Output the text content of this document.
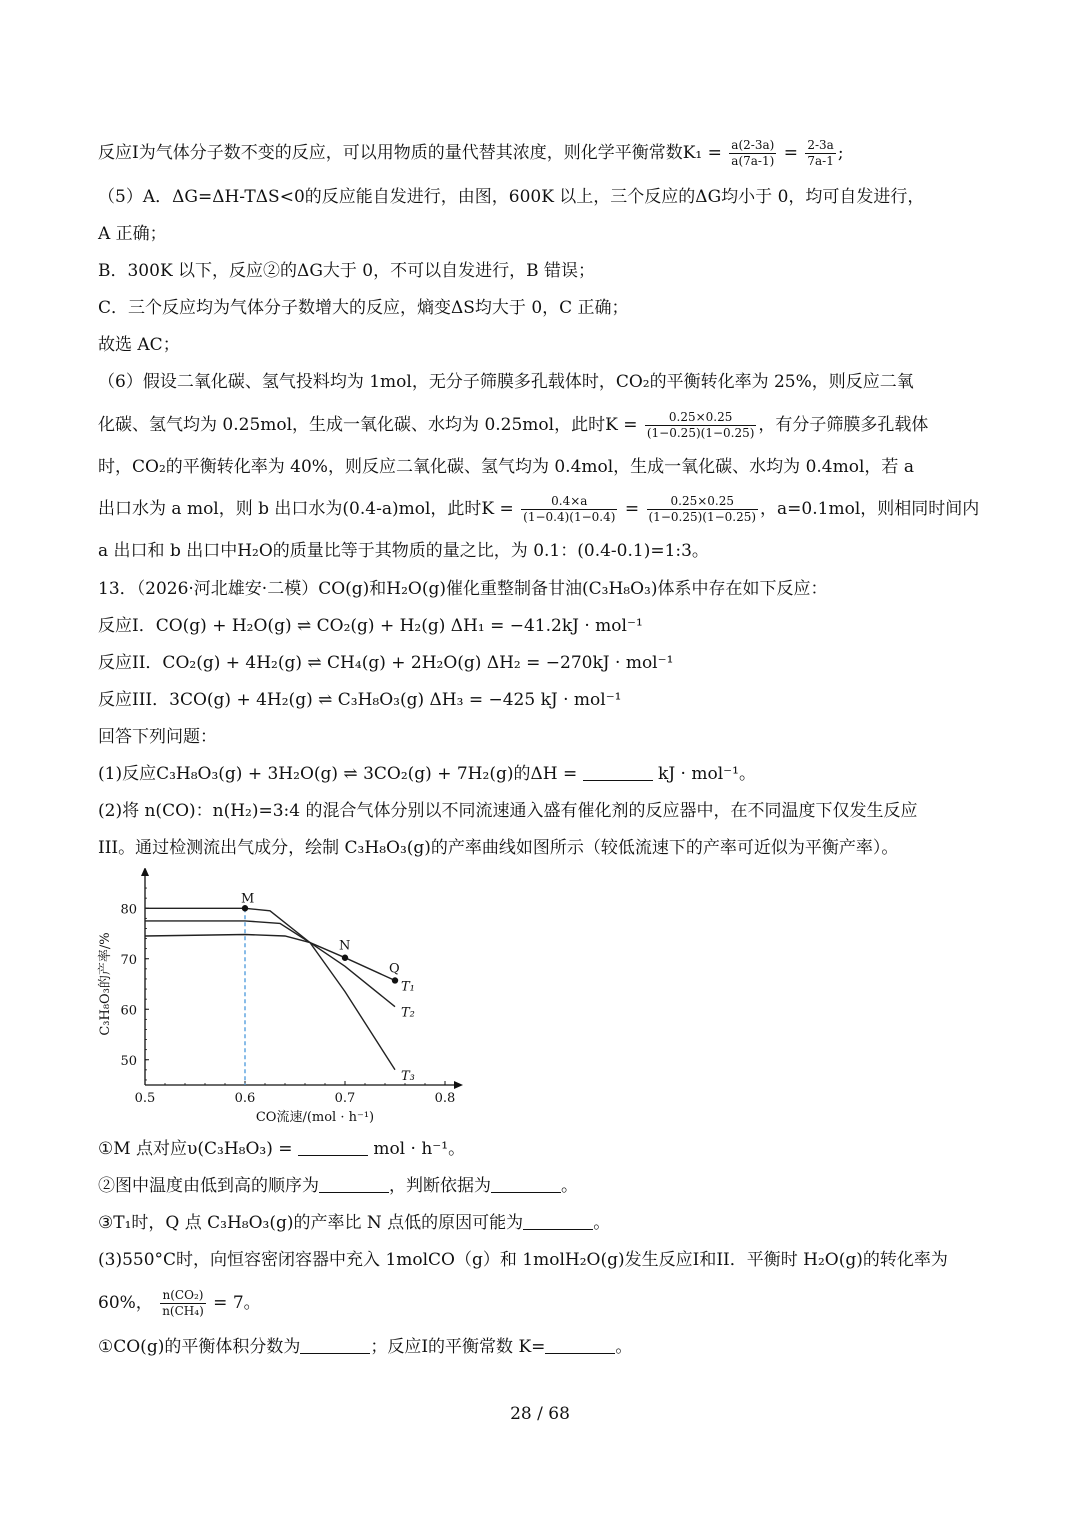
反应I为气体分子数不变的反应，可以用物质的量代替其浓度，则化学平衡常数$K_1 = \frac{a(2-3a)}{a(7a-1)} = \frac{2-3a}{7a-1}$ ;
（5）A．ΔG=ΔH-TΔS<0的反应能自发进行，由图，600K 以上，三个反应的ΔG均小于 0，均可自发进行，
A 正确；
B．300K 以下，反应②的ΔG大于 0，不可以自发进行，B 错误；
C．三个反应均为气体分子数增大的反应，熵变ΔS均大于 0，C 正确；
故选 AC；
（6）假设二氧化碳、氢气投料均为 1mol，无分子筛膜多孔载体时，CO₂的平衡转化率为 25%，则反应二氧
化碳、氢气均为 0.25mol，生成一氧化碳、水均为 0.25mol，此时$K = \frac{0.25\times 0.25}{(1-0.25)(1-0.25)}$ ，有分子筛膜多孔载体
时，CO₂的平衡转化率为 40%，则反应二氧化碳、氢气均为 0.4mol，生成一氧化碳、水均为 0.4mol，若 a
出口水为 a mol，则 b 出口水为(0.4-a)mol，此时$K = \frac{0.4\times a}{(1-0.4)(1-0.4)} = \frac{0.25\times 0.25}{(1-0.25)(1-0.25)}$ ，a=0.1mol，则相同时间内
a 出口和 b 出口中H₂O的质量比等于其物质的量之比，为 0.1：(0.4-0.1)=1:3。
13．（2026·河北雄安·二模）CO(g)和H₂O(g)催化重整制备甘油(C₃H₈O₃)体系中存在如下反应：
反应I．CO(g) + H₂O(g) ⇌ CO₂(g) + H₂(g) ΔH₁ = −41.2kJ · mol⁻¹
反应II．CO₂(g) + 4H₂(g) ⇌ CH₄(g) + 2H₂O(g) ΔH₂ = −270kJ · mol⁻¹
反应III．3CO(g) + 4H₂(g) ⇌ C₃H₈O₃(g) ΔH₃ = −425 kJ · mol⁻¹
回答下列问题：
(1)反应C₃H₈O₃(g) + 3H₂O(g) ⇌ 3CO₂(g) + 7H₂(g)的ΔH =	kJ · mol⁻¹。
(2)将 n(CO)：n(H₂)=3:4 的混合气体分别以不同流速通入盛有催化剂的反应器中，在不同温度下仅发生反应
III。通过检测流出气成分，绘制 C₃H₈O₃(g)的产率曲线如图所示（较低流速下的产率可近似为平衡产率）。
0.5	0.6	0.7	0.8
50
60
70
80
CO流速/(mol · h⁻¹)
C₃H₈O₃的产率/%	T₁
T₂
T₃
M
N
Q
①M 点对应υ(C₃H₈O₃) =	mol · h⁻¹。
②图中温度由低到高的顺序为	，判断依据为	。
③T₁时，Q 点 C₃H₈O₃(g)的产率比 N 点低的原因可能为	。
(3)550°C时，向恒容密闭容器中充入 1molCO（g）和 1molH₂O(g)发生反应I和II．平衡时 H₂O(g)的转化率为
60%， $\frac{\text{n(CO₂)}}{\text{n(CH₄)}} = 7$。
①CO(g)的平衡体积分数为	；反应I的平衡常数 K=	。
28 / 68
